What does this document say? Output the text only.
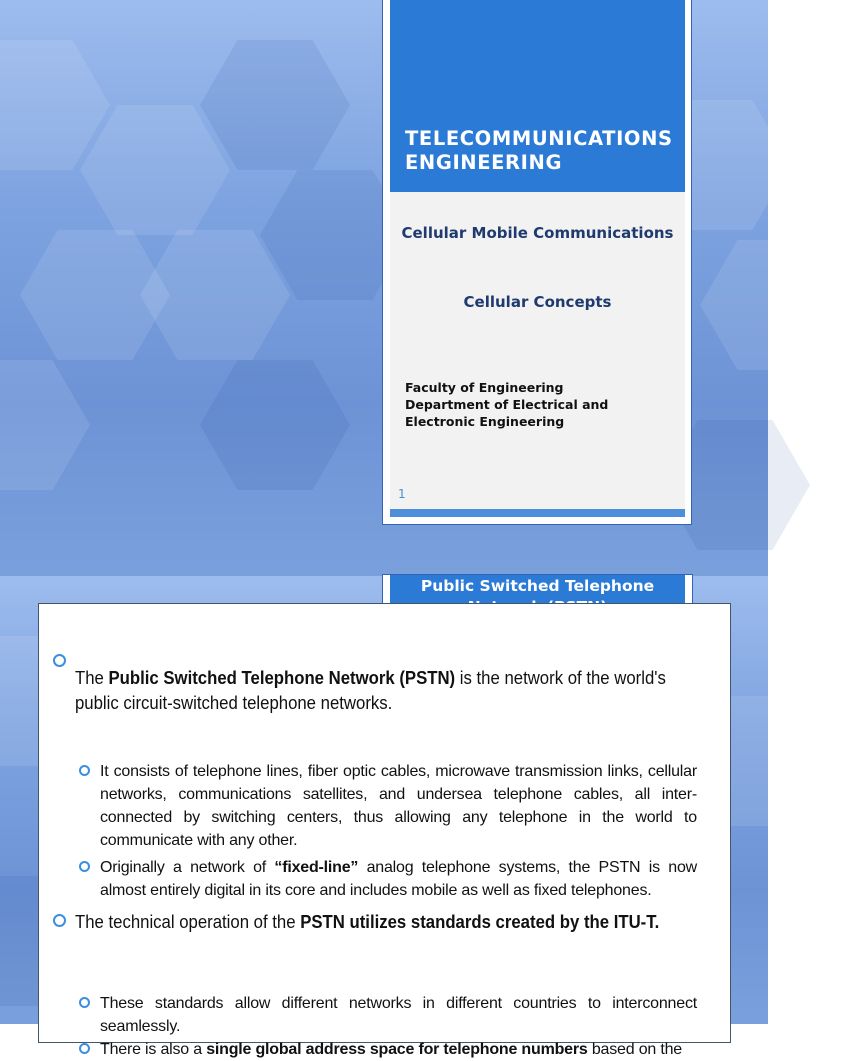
TELECOMMUNICATIONS ENGINEERING
Cellular Mobile Communications
Cellular Concepts
Faculty of Engineering
Department of Electrical and Electronic Engineering
1
Public Switched Telephone
The Public Switched Telephone Network (PSTN) is the network of the world's public circuit-switched telephone networks.
It consists of telephone lines, fiber optic cables, microwave transmission links, cellular networks, communications satellites, and undersea telephone cables, all inter-connected by switching centers, thus allowing any telephone in the world to communicate with any other.
Originally a network of “fixed-line” analog telephone systems, the PSTN is now almost entirely digital in its core and includes mobile as well as fixed telephones.
The technical operation of the PSTN utilizes standards created by the ITU-T.
These standards allow different networks in different countries to interconnect seamlessly.
There is also a single global address space for telephone numbers based on the
